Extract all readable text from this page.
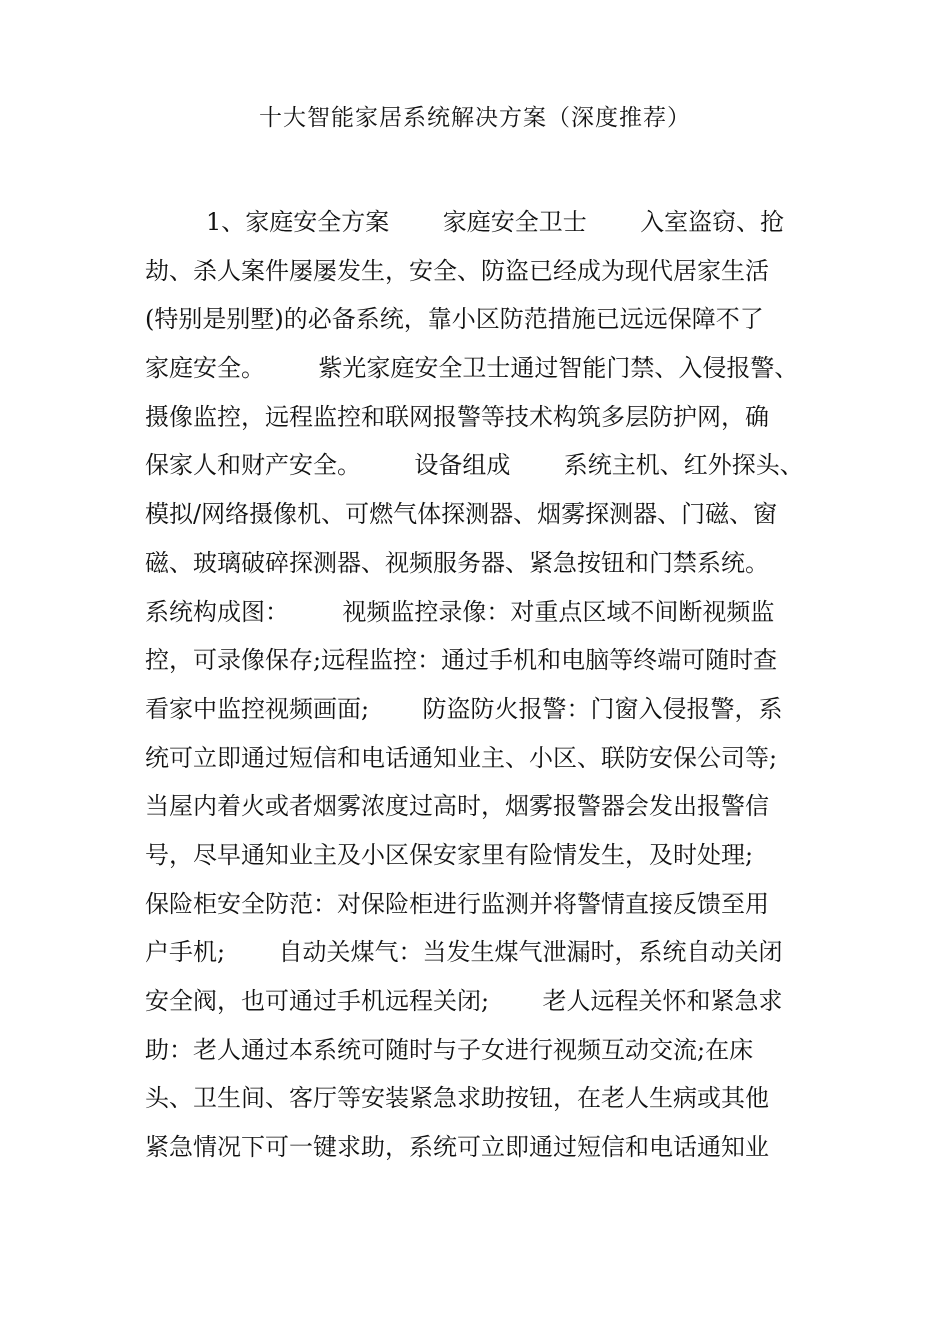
十大智能家居系统解决方案（深度推荐）
1、家庭安全方案       家庭安全卫士       入室盗窃、抢
劫、杀人案件屡屡发生，安全、防盗已经成为现代居家生活
(特别是别墅)的必备系统，靠小区防范措施已远远保障不了
家庭安全。       紫光家庭安全卫士通过智能门禁、入侵报警、
摄像监控，远程监控和联网报警等技术构筑多层防护网，确
保家人和财产安全。       设备组成       系统主机、红外探头、
模拟/网络摄像机、可燃气体探测器、烟雾探测器、门磁、窗
磁、玻璃破碎探测器、视频服务器、紧急按钮和门禁系统。
系统构成图：       视频监控录像：对重点区域不间断视频监
控，可录像保存;远程监控：通过手机和电脑等终端可随时查
看家中监控视频画面;       防盗防火报警：门窗入侵报警，系
统可立即通过短信和电话通知业主、小区、联防安保公司等;
当屋内着火或者烟雾浓度过高时，烟雾报警器会发出报警信
号，尽早通知业主及小区保安家里有险情发生，及时处理;
保险柜安全防范：对保险柜进行监测并将警情直接反馈至用
户手机;       自动关煤气：当发生煤气泄漏时，系统自动关闭
安全阀，也可通过手机远程关闭;       老人远程关怀和紧急求
助：老人通过本系统可随时与子女进行视频互动交流;在床
头、卫生间、客厅等安装紧急求助按钮，在老人生病或其他
紧急情况下可一键求助，系统可立即通过短信和电话通知业
